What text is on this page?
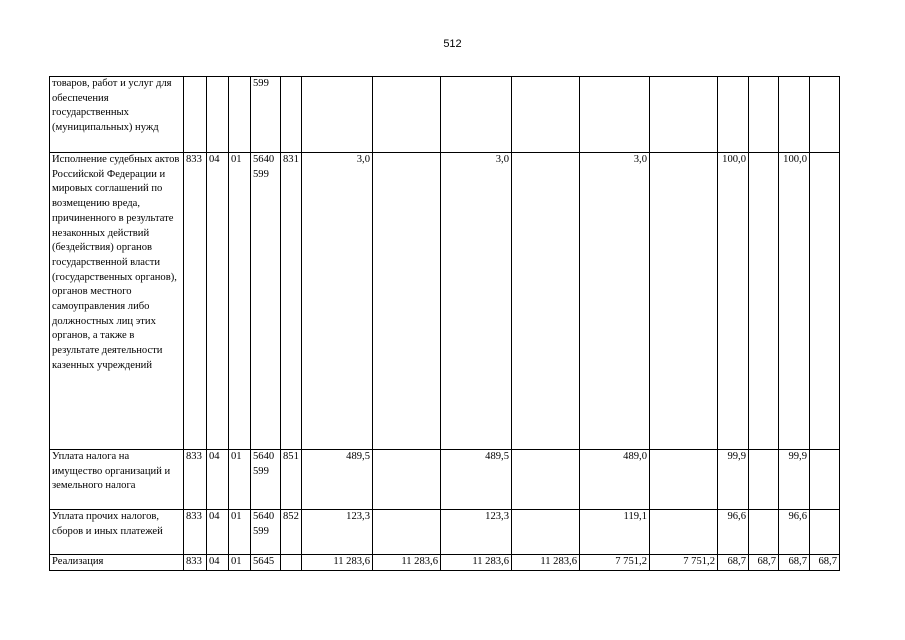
512
товаров, работ и услуг для обеспечения государственных (муниципальных) нужд				599											
Исполнение судебных актов Российской Федерации и мировых соглашений по возмещению вреда, причиненного в результате незаконных действий (бездействия) органов государственной власти (государственных органов), органов местного самоуправления либо должностных лиц этих органов, а также в результате деятельности казенных учреждений	833	04	01	5640 599	831	3,0		3,0		3,0		100,0		100,0	
Уплата налога на имущество организаций и земельного налога	833	04	01	5640 599	851	489,5		489,5		489,0		99,9		99,9	
Уплата прочих налогов, сборов и иных платежей	833	04	01	5640 599	852	123,3		123,3		119,1		96,6		96,6	
Реализация	833	04	01	5645		11 283,6	11 283,6	11 283,6	11 283,6	7 751,2	7 751,2	68,7	68,7	68,7	68,7
